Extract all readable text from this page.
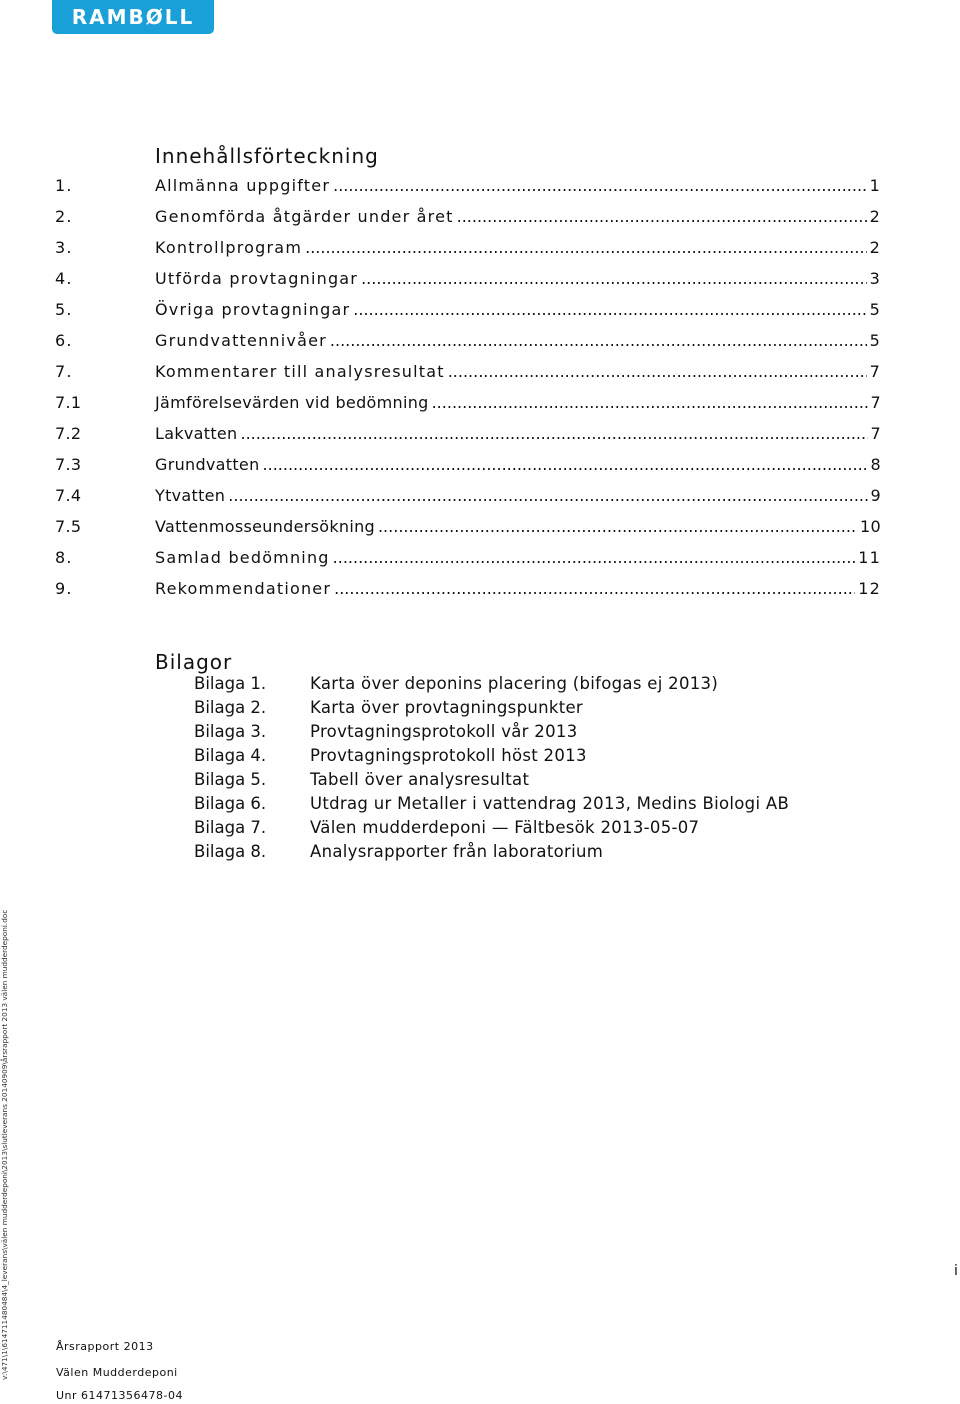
RAMBØLL
Innehållsförteckning
1.	Allmänna uppgifter .....	1
2.	Genomförda åtgärder under året .....	2
3.	Kontrollprogram .....	2
4.	Utförda provtagningar .....	3
5.	Övriga provtagningar .....	5
6.	Grundvattennivåer .....	5
7.	Kommentarer till analysresultat .....	7
7.1	Jämförelsevärden vid bedömning .....	7
7.2	Lakvatten .....	7
7.3	Grundvatten .....	8
7.4	Ytvatten .....	9
7.5	Vattenmosseundersökning .....	10
8.	Samlad bedömning .....	11
9.	Rekommendationer .....	12
Bilagor
Bilaga 1.	Karta över deponins placering (bifogas ej 2013)
Bilaga 2.	Karta över provtagningspunkter
Bilaga 3.	Provtagningsprotokoll vår 2013
Bilaga 4.	Provtagningsprotokoll höst 2013
Bilaga 5.	Tabell över analysresultat
Bilaga 6.	Utdrag ur Metaller i vattendrag 2013, Medins Biologi AB
Bilaga 7.	Välen mudderdeponi — Fältbesök 2013-05-07
Bilaga 8.	Analysrapporter från laboratorium
v:\471\1\614711480484\4_leverans\välen mudderdeponi\2013\slutleverans 20140909\årsrapport 2013 välen mudderdeponi.doc	i
Årsrapport 2013
Välen Mudderdeponi
Unr 61471356478-04
